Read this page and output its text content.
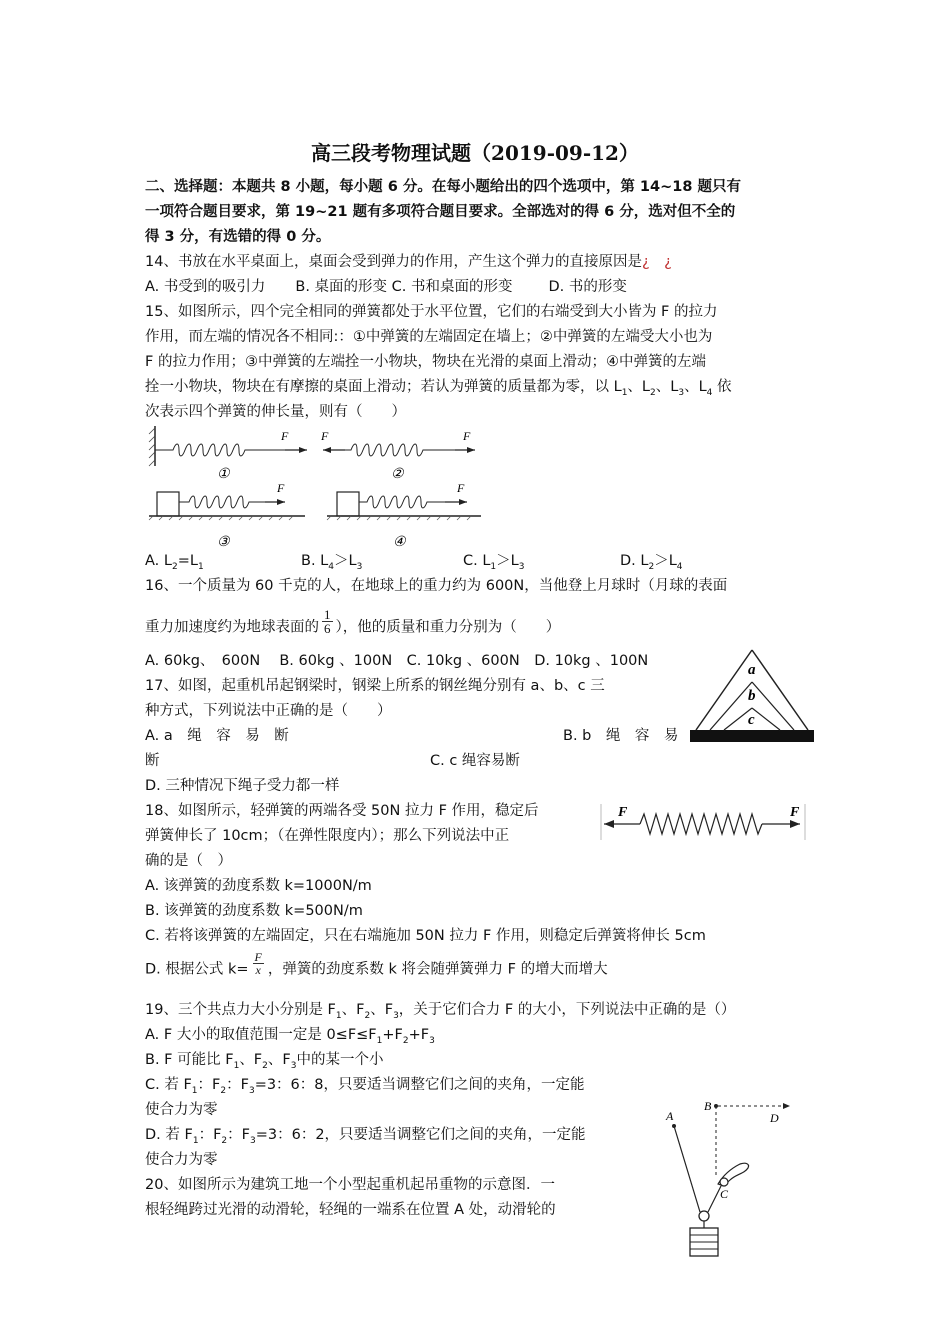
高三段考物理试题（2019-09-12）
二、选择题：本题共 8 小题，每小题 6 分。在每小题给出的四个选项中，第 14~18 题只有
一项符合题目要求，第 19~21 题有多项符合题目要求。全部选对的得 6 分，选对但不全的
得 3 分，有选错的得 0 分。
14、书放在水平桌面上，桌面会受到弹力的作用，产生这个弹力的直接原因是¿　¿
A. 书受到的吸引力 B. 桌面的形变 C. 书和桌面的形变 D. 书的形变
15、如图所示，四个完全相同的弹簧都处于水平位置，它们的右端受到大小皆为 F 的拉力
作用，而左端的情况各不相同:：①中弹簧的左端固定在墙上；②中弹簧的左端受大小也为
F 的拉力作用；③中弹簧的左端拴一小物块，物块在光滑的桌面上滑动；④中弹簧的左端
拴一小物块，物块在有摩擦的桌面上滑动；若认为弹簧的质量都为零，以 $L_1$、$L_2$、$L_3$、$L_4$ 依
次表示四个弹簧的伸长量，则有（　　）
F
①
F	F
②
F
③
F
④
A. $L_2=L_1$	B. $L_4>L_3$	C. $L_1>L_3$	D. $L_2>L_4$
16、一个质量为 60 千克的人，在地球上的重力约为 600N，当他登上月球时（月球的表面
重力加速度约为地球表面的 $\frac{1}{6}$ ），他的质量和重力分别为（　　）
A. 60kg、　600N　 B. 60kg 、100N　C. 10kg 、600N　D. 10kg 、100N
17、如图，起重机吊起钢梁时，钢梁上所系的钢丝绳分别有 a、b、c 三
种方式，下列说法中正确的是（　　）
A. a　绳　容　易　断	B. b　绳　容　易
断	C. c 绳容易断
D. 三种情况下绳子受力都一样
a
b
c
18、如图所示，轻弹簧的两端各受 50N 拉力 F 作用，稳定后
弹簧伸长了 10cm；（在弹性限度内）；那么下列说法中正
确的是（　）
F	F
A. 该弹簧的劲度系数 k=1000N/m
B. 该弹簧的劲度系数 k=500N/m
C. 若将该弹簧的左端固定，只在右端施加 50N 拉力 F 作用，则稳定后弹簧将伸长 5cm
D. 根据公式 $k= \frac{F}{x}$ ，弹簧的劲度系数 k 将会随弹簧弹力 F 的增大而增大
19、三个共点力大小分别是 $F_1$、$F_2$、$F_3$，关于它们合力 F 的大小，下列说法中正确的是（）
A. F 大小的取值范围一定是 $0\le F\le F_1+F_2+F_3$
B. F 可能比 $F_1$、$F_2$、$F_3$中的某一个小
C. 若 $F_1$：$F_2$：$F_3=3$：6：8，只要适当调整它们之间的夹角，一定能
使合力为零
D. 若 $F_1$：$F_2$：$F_3=3$：6：2，只要适当调整它们之间的夹角，一定能
使合力为零
20、如图所示为建筑工地一个小型起重机起吊重物的示意图．一
根轻绳跨过光滑的动滑轮，轻绳的一端系在位置 A 处，动滑轮的
A
B
D
C
